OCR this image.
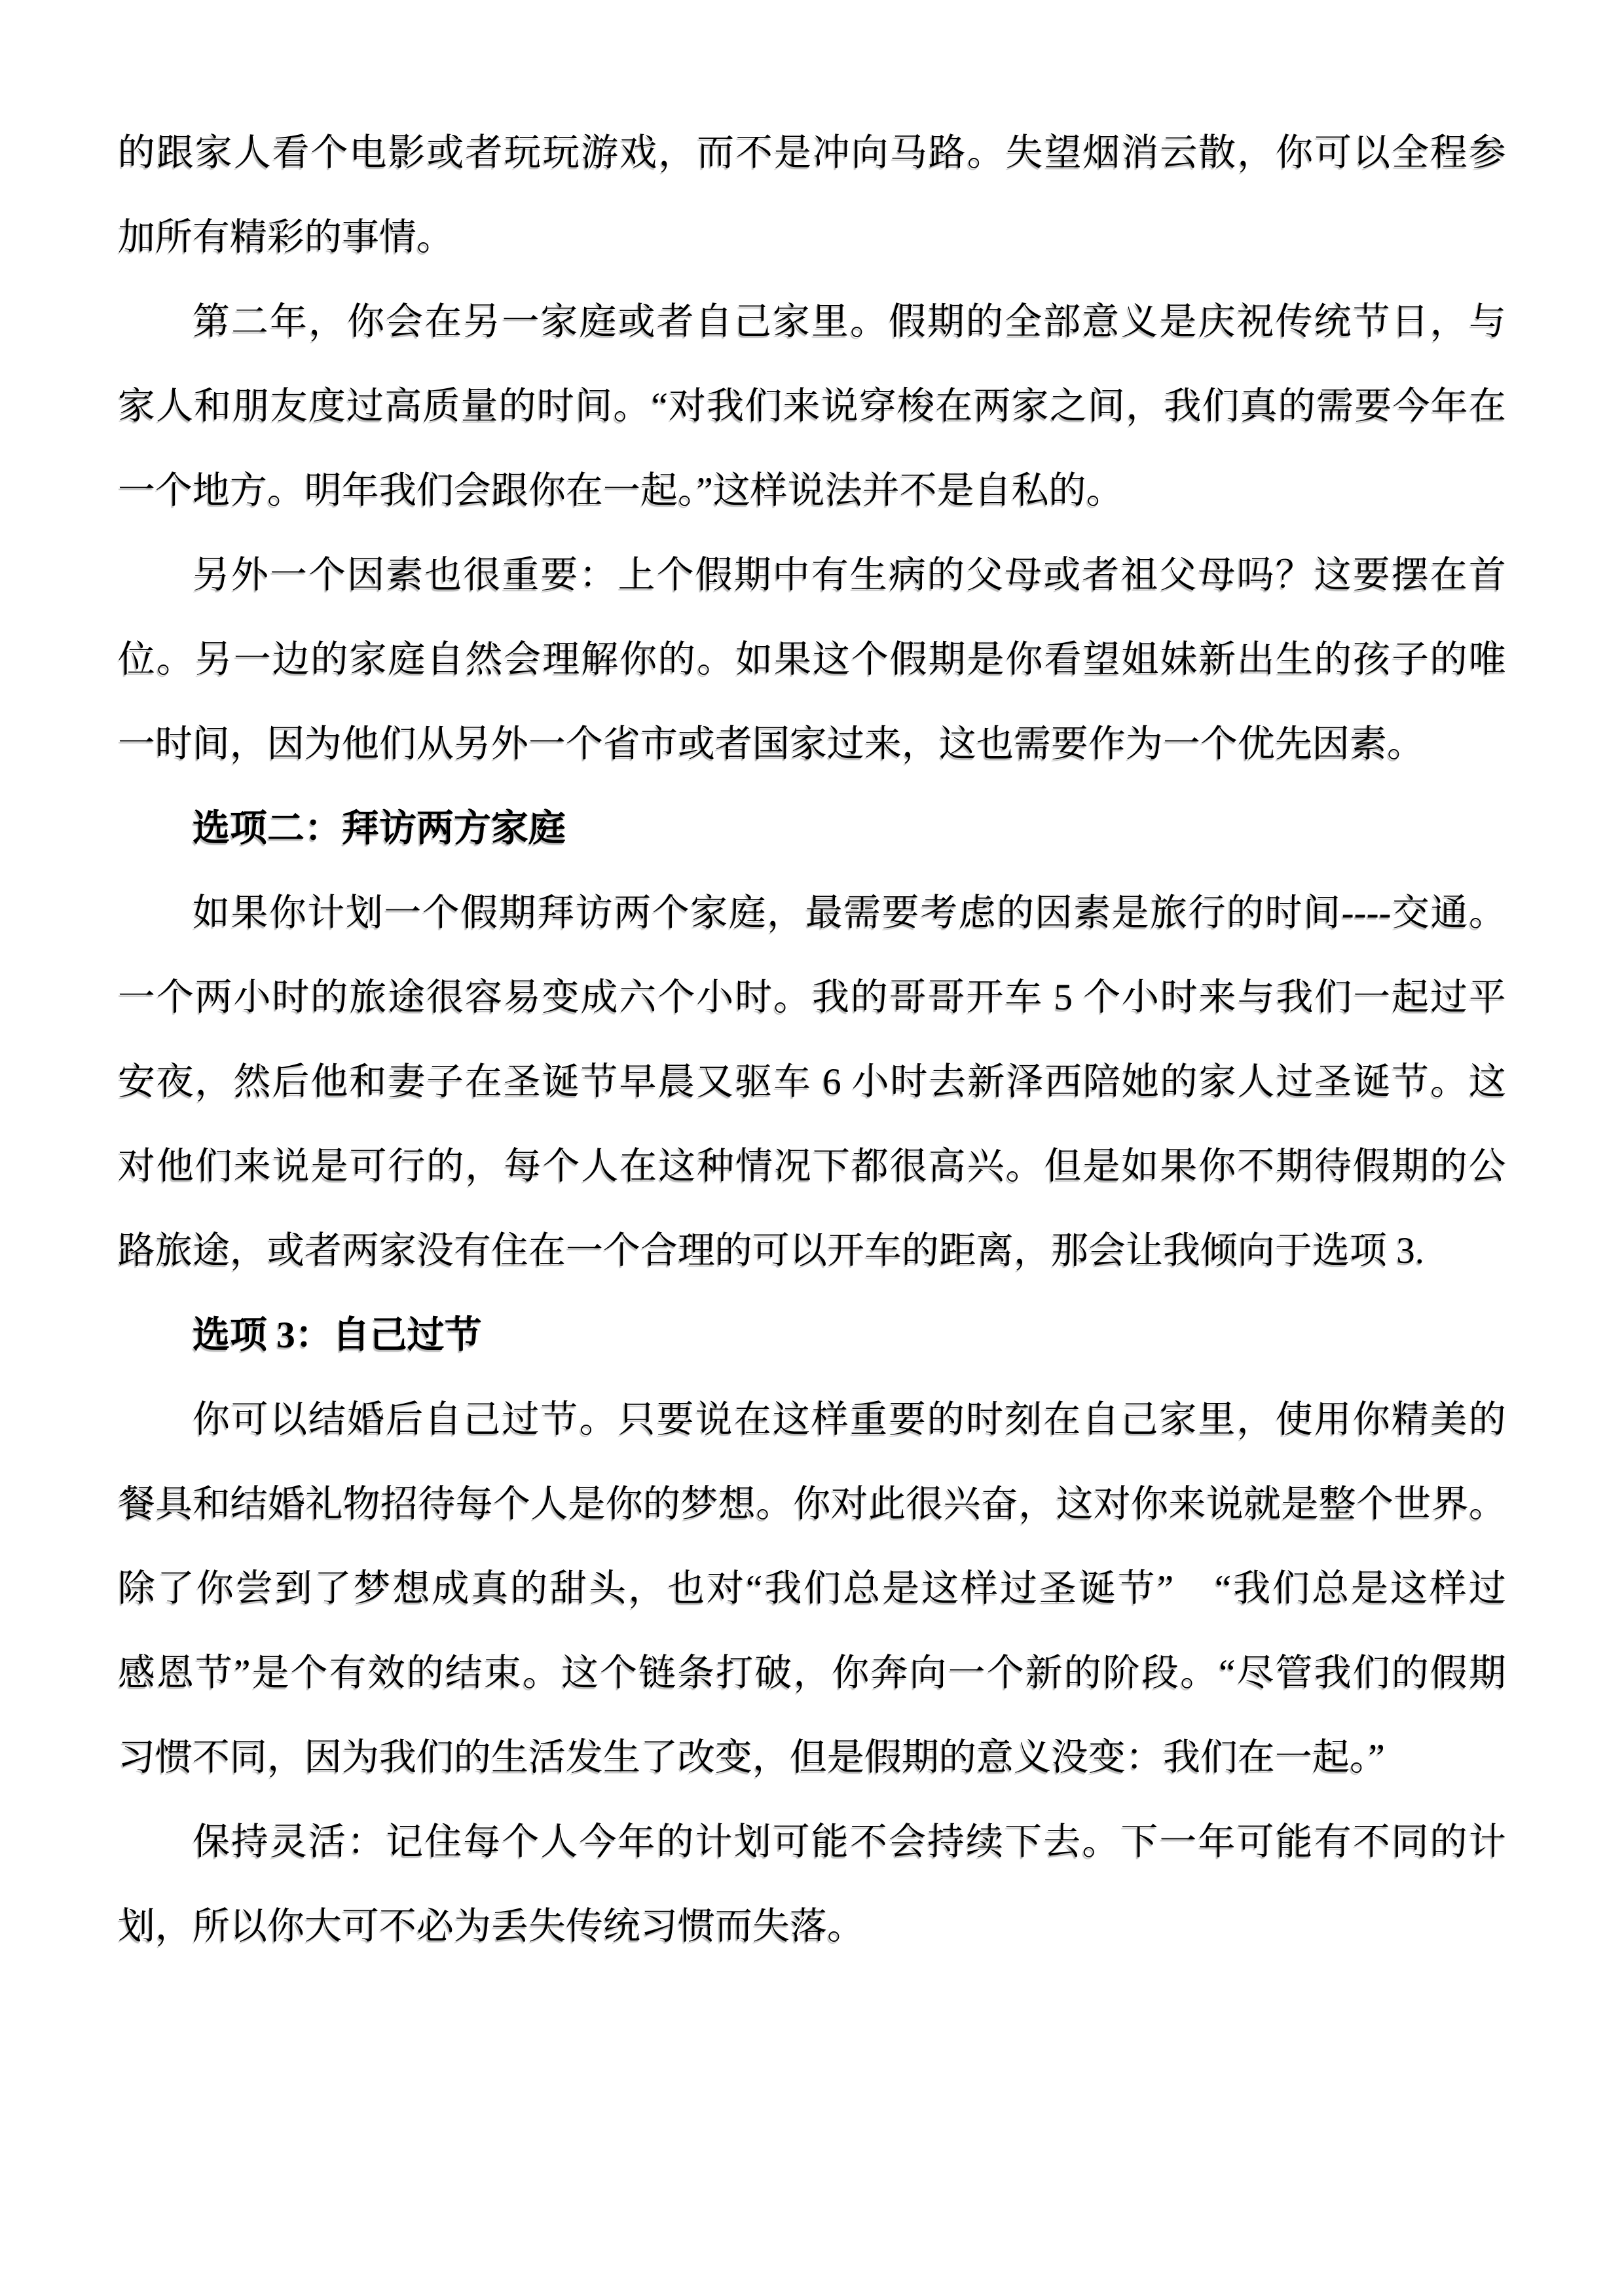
的跟家人看个电影或者玩玩游戏，而不是冲向马路。失望烟消云散，你可以全程参
加所有精彩的事情。
第二年，你会在另一家庭或者自己家里。假期的全部意义是庆祝传统节日，与
家人和朋友度过高质量的时间。“对我们来说穿梭在两家之间，我们真的需要今年在
一个地方。明年我们会跟你在一起。”这样说法并不是自私的。
另外一个因素也很重要：上个假期中有生病的父母或者祖父母吗？这要摆在首
位。另一边的家庭自然会理解你的。如果这个假期是你看望姐妹新出生的孩子的唯
一时间，因为他们从另外一个省市或者国家过来，这也需要作为一个优先因素。
选项二：拜访两方家庭
如果你计划一个假期拜访两个家庭，最需要考虑的因素是旅行的时间----交通。
一个两小时的旅途很容易变成六个小时。我的哥哥开车 5 个小时来与我们一起过平
安夜，然后他和妻子在圣诞节早晨又驱车 6 小时去新泽西陪她的家人过圣诞节。这
对他们来说是可行的，每个人在这种情况下都很高兴。但是如果你不期待假期的公
路旅途，或者两家没有住在一个合理的可以开车的距离，那会让我倾向于选项 3.
选项 3：自己过节
你可以结婚后自己过节。只要说在这样重要的时刻在自己家里，使用你精美的
餐具和结婚礼物招待每个人是你的梦想。你对此很兴奋，这对你来说就是整个世界。
除了你尝到了梦想成真的甜头，也对“我们总是这样过圣诞节”　“我们总是这样过
感恩节”是个有效的结束。这个链条打破，你奔向一个新的阶段。“尽管我们的假期
习惯不同，因为我们的生活发生了改变，但是假期的意义没变：我们在一起。”
保持灵活：记住每个人今年的计划可能不会持续下去。下一年可能有不同的计
划，所以你大可不必为丢失传统习惯而失落。
